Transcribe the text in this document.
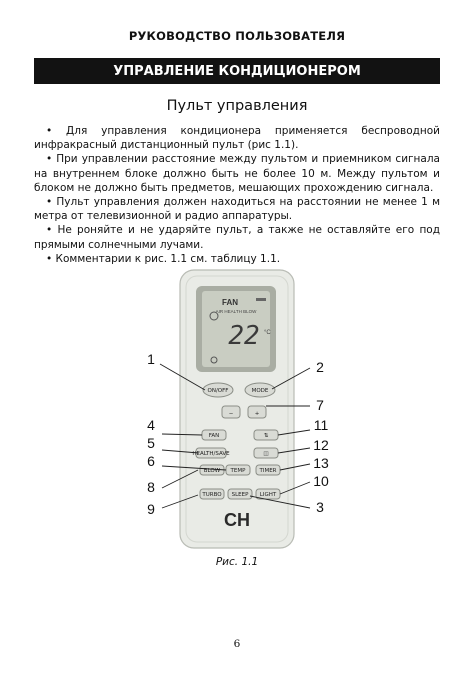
РУКОВОДСТВО ПОЛЬЗОВАТЕЛЯ
УПРАВЛЕНИЕ КОНДИЦИОНЕРОМ
Пульт управления

• Для управления кондиционера применяется беспроводной инфракрасный дистанционный пульт (рис 1.1).

• При управлении расстояние между пультом и приемником сигнала на внутреннем блоке должно быть не более 10 м. Между пультом и блоком не должно быть предметов, мешающих прохождению сигнала.

• Пульт управления должен находиться на расстоянии не менее 1 м метра от телевизионной и радио аппаратуры.

• Не роняйте и не ударяйте пульт, а также не оставляйте его под прямыми солнечными лучами.

• Комментарии к рис. 1.1 см. таблицу 1.1.

FAN
AIR HEALTH BLOW
22 °C
ON/OFF	MODE
−	+
FAN	⇅
HEALTH/SAVE	◫
TEMP	TIMER
BLOW
TURBO SLEEP LIGHT
CH
1	2
3
4
5
6
7
8
9
10
11
12
13
Рис. 1.1
6
